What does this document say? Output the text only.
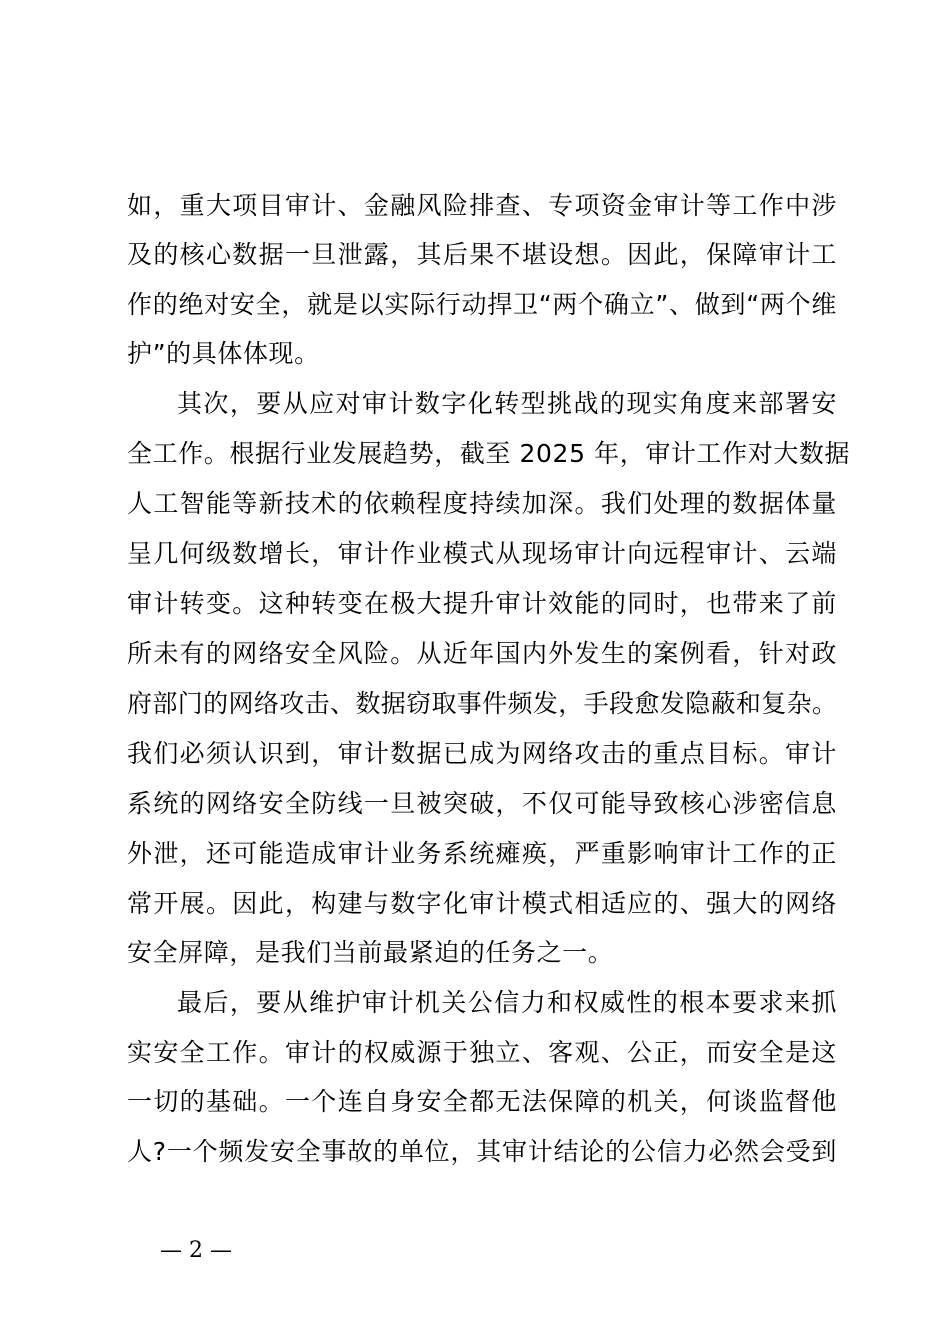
如，重大项目审计、金融风险排查、专项资金审计等工作中涉
及的核心数据一旦泄露，其后果不堪设想。因此，保障审计工
作的绝对安全，就是以实际行动捍卫“两个确立”、做到“两个维
护”的具体体现。
其次，要从应对审计数字化转型挑战的现实角度来部署安
全工作。根据行业发展趋势，截至 2025 年，审计工作对大数据
人工智能等新技术的依赖程度持续加深。我们处理的数据体量
呈几何级数增长，审计作业模式从现场审计向远程审计、云端
审计转变。这种转变在极大提升审计效能的同时，也带来了前
所未有的网络安全风险。从近年国内外发生的案例看，针对政
府部门的网络攻击、数据窃取事件频发，手段愈发隐蔽和复杂。
我们必须认识到，审计数据已成为网络攻击的重点目标。审计
系统的网络安全防线一旦被突破，不仅可能导致核心涉密信息
外泄，还可能造成审计业务系统瘫痪，严重影响审计工作的正
常开展。因此，构建与数字化审计模式相适应的、强大的网络
安全屏障，是我们当前最紧迫的任务之一。
最后，要从维护审计机关公信力和权威性的根本要求来抓
实安全工作。审计的权威源于独立、客观、公正，而安全是这
一切的基础。一个连自身安全都无法保障的机关，何谈监督他
人?一个频发安全事故的单位，其审计结论的公信力必然会受到
— 2 —
